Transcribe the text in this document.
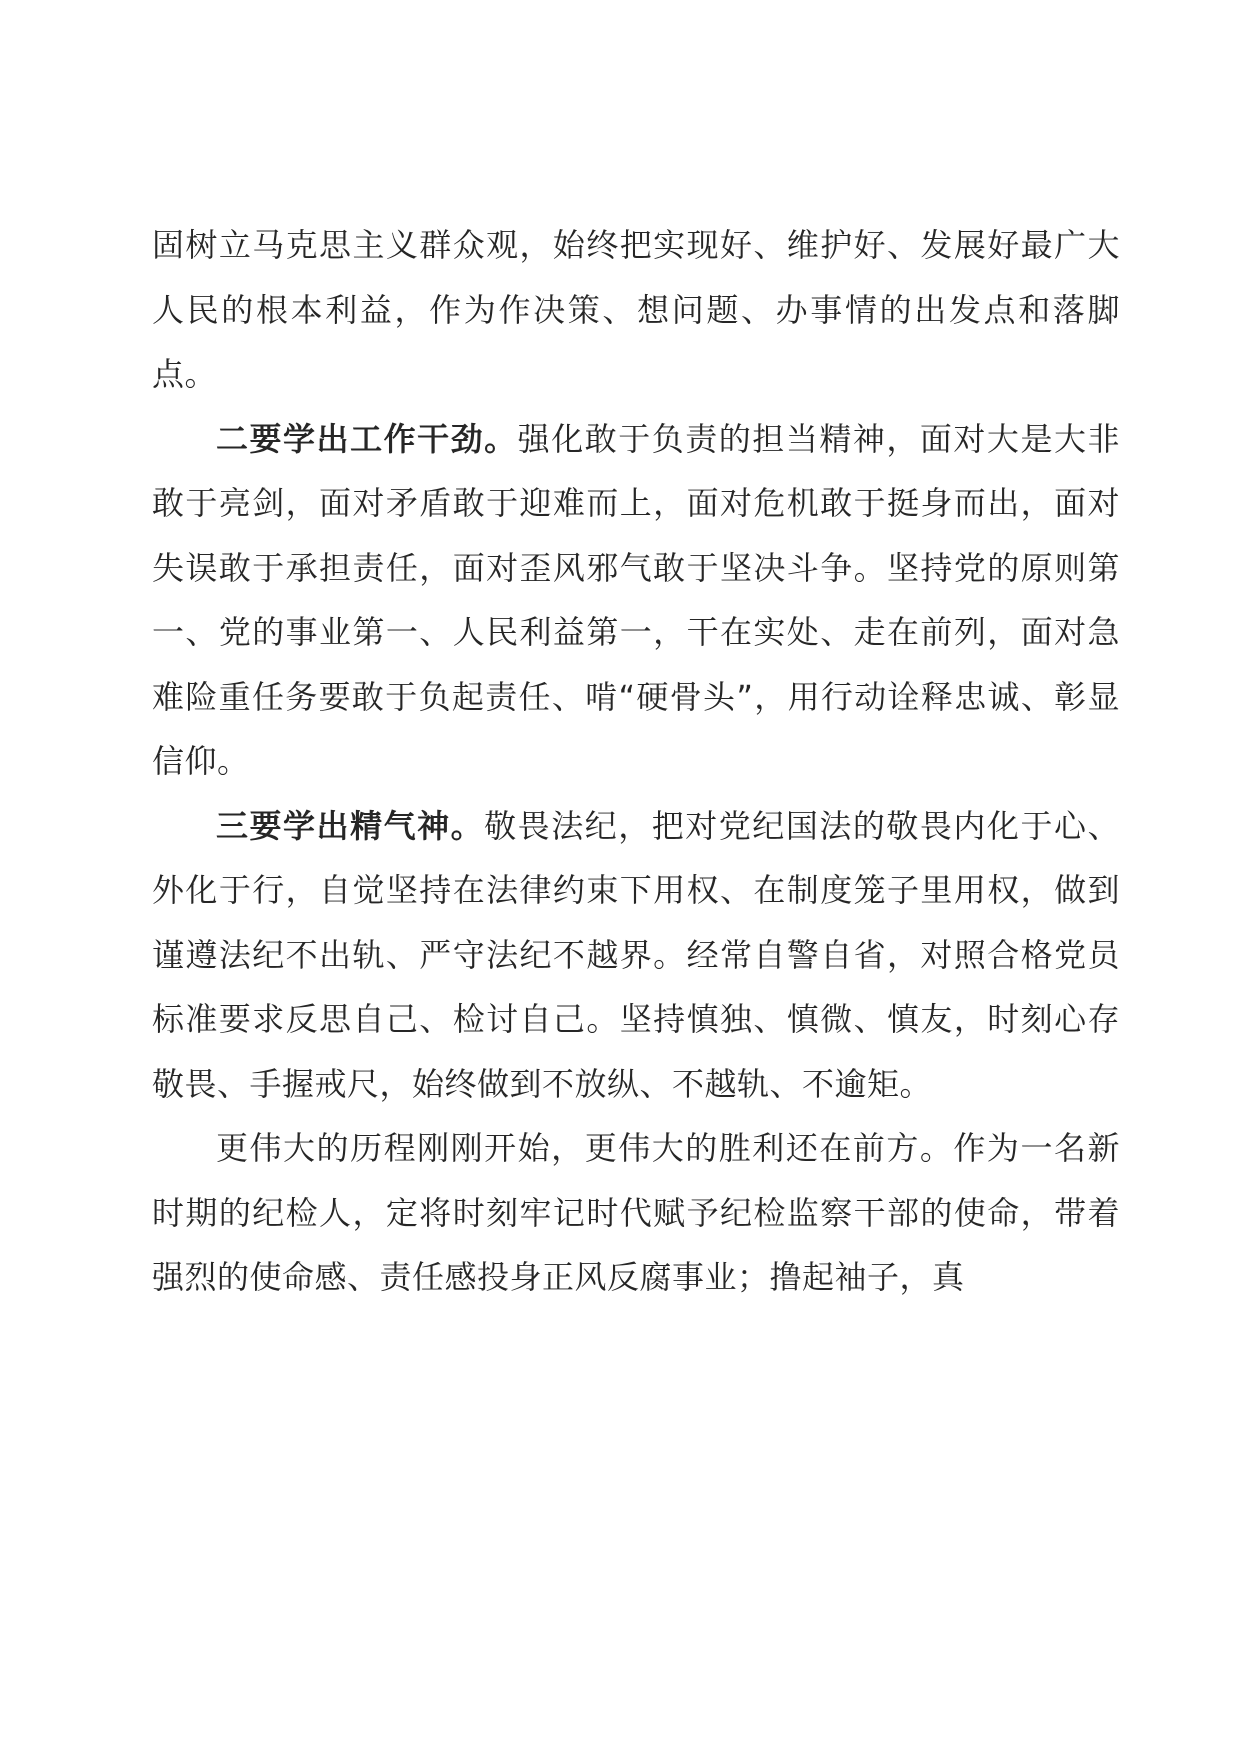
固树立马克思主义群众观，始终把实现好、维护好、发展好最广大人民的根本利益，作为作决策、想问题、办事情的出发点和落脚点。

二要学出工作干劲。强化敢于负责的担当精神，面对大是大非敢于亮剑，面对矛盾敢于迎难而上，面对危机敢于挺身而出，面对失误敢于承担责任，面对歪风邪气敢于坚决斗争。坚持党的原则第一、党的事业第一、人民利益第一，干在实处、走在前列，面对急难险重任务要敢于负起责任、啃“硬骨头”，用行动诠释忠诚、彰显信仰。

三要学出精气神。敬畏法纪，把对党纪国法的敬畏内化于心、外化于行，自觉坚持在法律约束下用权、在制度笼子里用权，做到谨遵法纪不出轨、严守法纪不越界。经常自警自省，对照合格党员标准要求反思自己、检讨自己。坚持慎独、慎微、慎友，时刻心存敬畏、手握戒尺，始终做到不放纵、不越轨、不逾矩。

更伟大的历程刚刚开始，更伟大的胜利还在前方。作为一名新时期的纪检人，定将时刻牢记时代赋予纪检监察干部的使命，带着强烈的使命感、责任感投身正风反腐事业；撸起袖子，真
